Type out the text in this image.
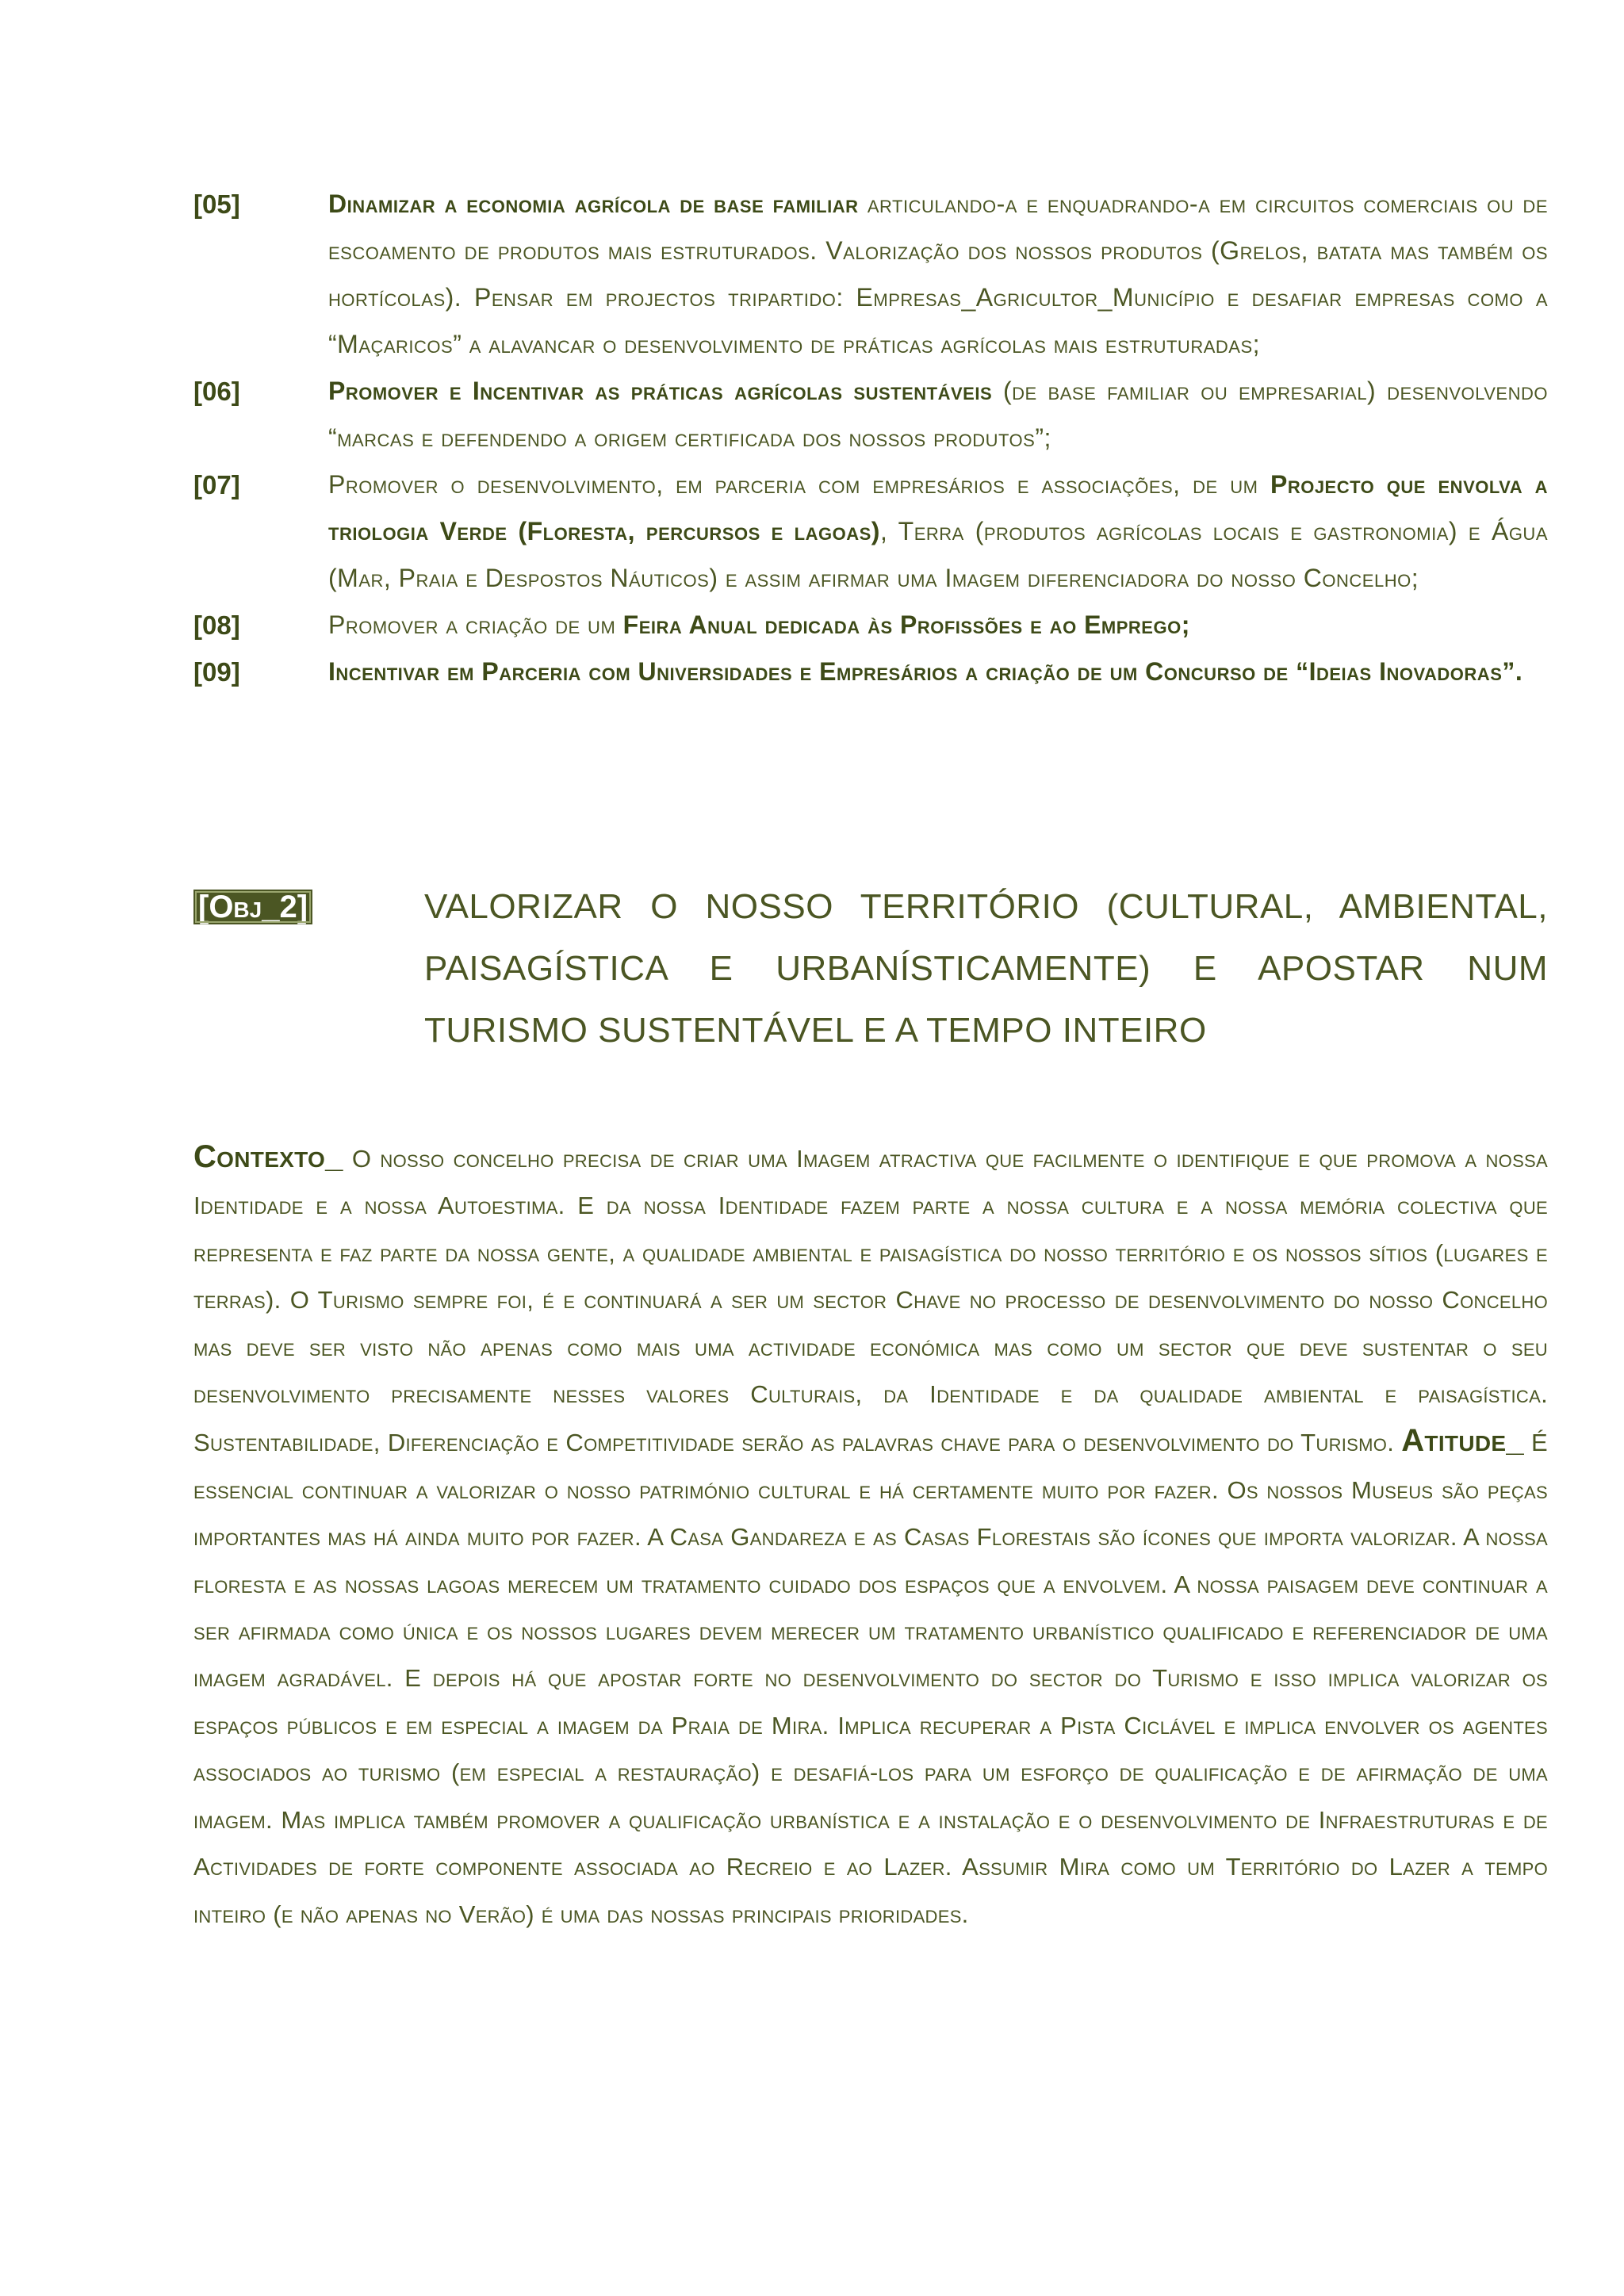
[05]	Dinamizar a economia agrícola de base familiar articulando-a e enquadrando-a em circuitos comerciais ou de escoamento de produtos mais estruturados. Valorização dos nossos produtos (Grelos, batata mas também os hortícolas). Pensar em projectos tripartido: Empresas_Agricultor_Município e desafiar empresas como a “Maçaricos” a alavancar o desenvolvimento de práticas agrícolas mais estruturadas;
[06]	Promover e Incentivar as práticas agrícolas sustentáveis (de base familiar ou empresarial) desenvolvendo “marcas e defendendo a origem certificada dos nossos produtos”;
[07]	Promover o desenvolvimento, em parceria com empresários e associações, de um Projecto que envolva a triologia Verde (Floresta, percursos e lagoas), Terra (produtos agrícolas locais e gastronomia) e Água (Mar, Praia e Despostos Náuticos) e assim afirmar uma Imagem diferenciadora do nosso Concelho;
[08]	Promover a criação de um Feira Anual dedicada às Profissões e ao Emprego;
[09]	Incentivar em Parceria com Universidades e Empresários a criação de um Concurso de “Ideias Inovadoras”.
[Obj_2]	VALORIZAR O NOSSO TERRITÓRIO (CULTURAL, AMBIENTAL, PAISAGÍSTICA E URBANÍSTICAMENTE) E APOSTAR NUM TURISMO SUSTENTÁVEL E A TEMPO INTEIRO
Contexto_ O nosso concelho precisa de criar uma Imagem atractiva que facilmente o identifique e que promova a nossa Identidade e a nossa Autoestima. E da nossa Identidade fazem parte a nossa cultura e a nossa memória colectiva que representa e faz parte da nossa gente, a qualidade ambiental e paisagística do nosso território e os nossos sítios (lugares e terras). O Turismo sempre foi, é e continuará a ser um sector Chave no processo de desenvolvimento do nosso Concelho mas deve ser visto não apenas como mais uma actividade económica mas como um sector que deve sustentar o seu desenvolvimento precisamente nesses valores Culturais, da Identidade e da qualidade ambiental e paisagística. Sustentabilidade, Diferenciação e Competitividade serão as palavras chave para o desenvolvimento do Turismo. Atitude_ É essencial continuar a valorizar o nosso património cultural e há certamente muito por fazer. Os nossos Museus são peças importantes mas há ainda muito por fazer. A Casa Gandareza e as Casas Florestais são ícones que importa valorizar. A nossa floresta e as nossas lagoas merecem um tratamento cuidado dos espaços que a envolvem. A nossa paisagem deve continuar a ser afirmada como única e os nossos lugares devem merecer um tratamento urbanístico qualificado e referenciador de uma imagem agradável. E depois há que apostar forte no desenvolvimento do sector do Turismo e isso implica valorizar os espaços públicos e em especial a imagem da Praia de Mira. Implica recuperar a Pista Ciclável e implica envolver os agentes associados ao turismo (em especial a restauração) e desafiá-los para um esforço de qualificação e de afirmação de uma imagem. Mas implica também promover a qualificação urbanística e a instalação e o desenvolvimento de Infraestruturas e de Actividades de forte componente associada ao Recreio e ao Lazer. Assumir Mira como um Território do Lazer a tempo inteiro (e não apenas no Verão) é uma das nossas principais prioridades.
